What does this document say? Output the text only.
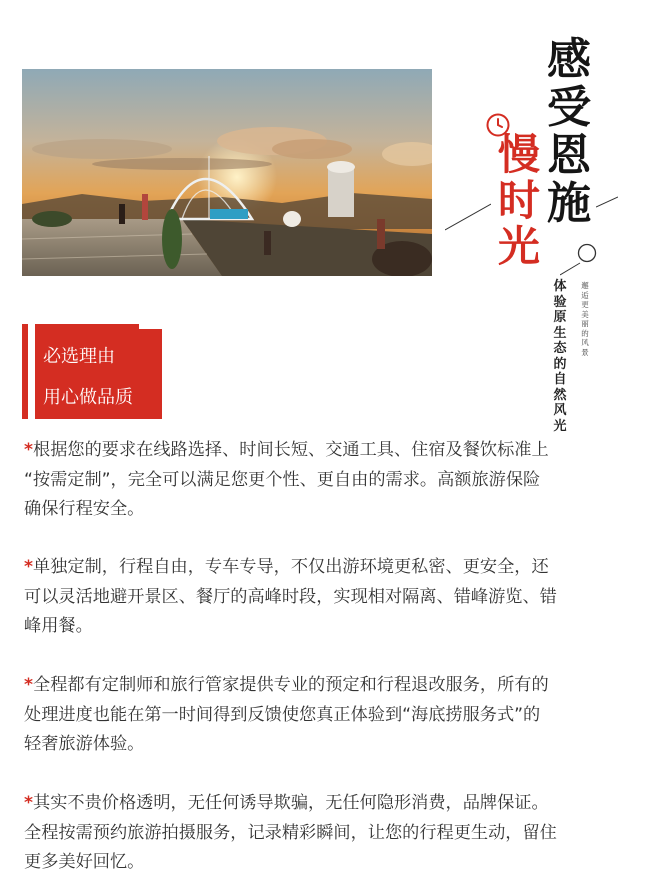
感
受
恩
施
慢
时
光
体
验
原
生
态
的
自
然
风
光
邂
逅
更
美
丽
的
风
景
必选理由
用心做品质
*根据您的要求在线路选择、时间长短、交通工具、住宿及餐饮标准上
“按需定制”，完全可以满足您更个性、更自由的需求。高额旅游保险
确保行程安全。
*单独定制，行程自由，专车专导，不仅出游环境更私密、更安全，还
可以灵活地避开景区、餐厅的高峰时段，实现相对隔离、错峰游览、错
峰用餐。
*全程都有定制师和旅行管家提供专业的预定和行程退改服务，所有的
处理进度也能在第一时间得到反馈使您真正体验到“海底捞服务式”的
轻奢旅游体验。
*其实不贵价格透明，无任何诱导欺骗，无任何隐形消费，品牌保证。
全程按需预约旅游拍摄服务，记录精彩瞬间，让您的行程更生动，留住
更多美好回忆。
